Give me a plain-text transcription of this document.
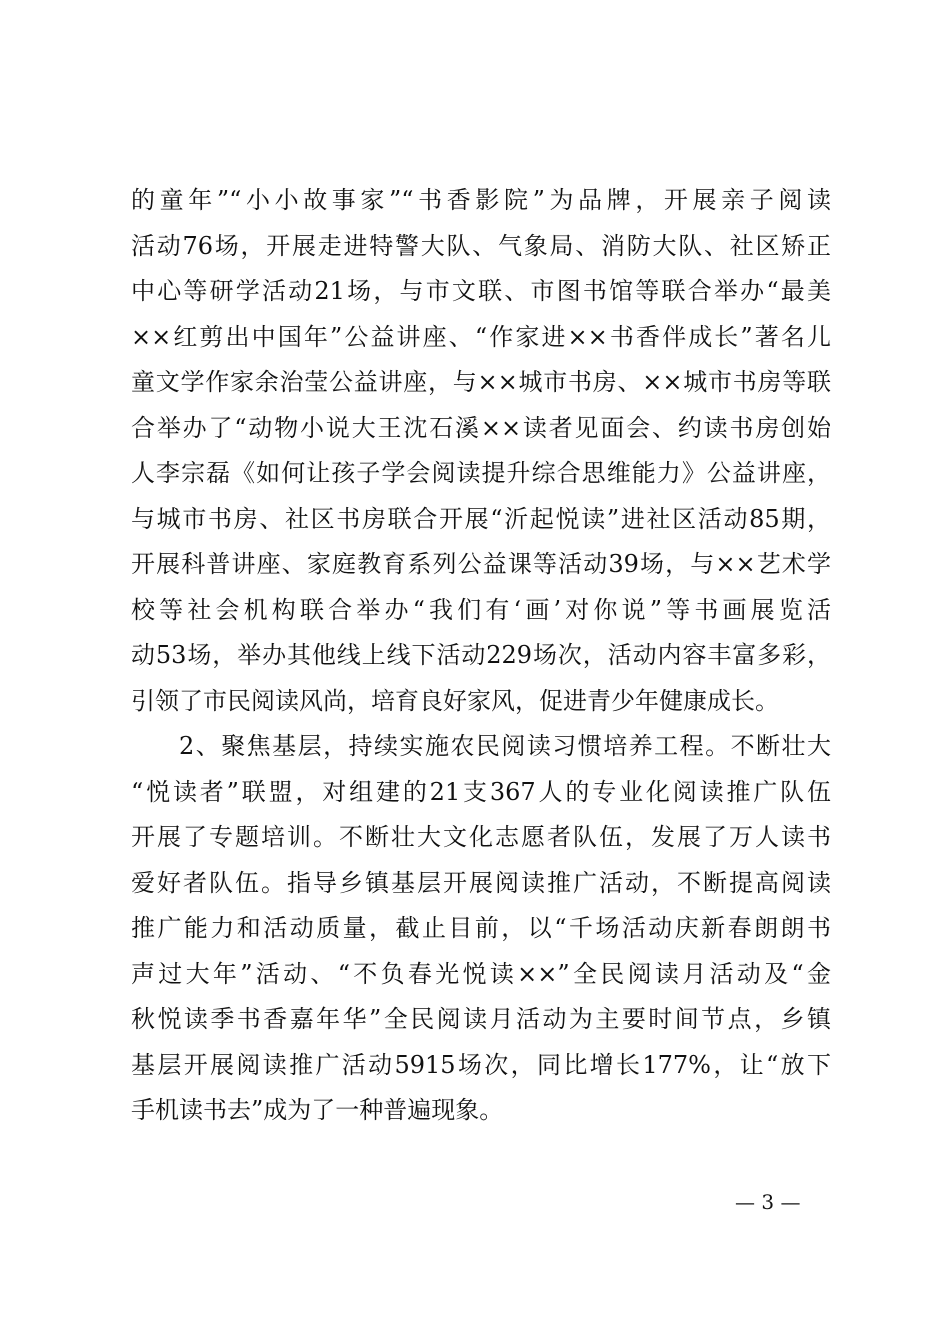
的童年”“小小故事家”“书香影院”为品牌，开展亲子阅读
活动76场，开展走进特警大队、气象局、消防大队、社区矫正
中心等研学活动21场，与市文联、市图书馆等联合举办“最美
××红剪出中国年”公益讲座、“作家进××书香伴成长”著名儿
童文学作家余治莹公益讲座，与××城市书房、××城市书房等联
合举办了“动物小说大王沈石溪××读者见面会、约读书房创始
人李宗磊《如何让孩子学会阅读提升综合思维能力》公益讲座，
与城市书房、社区书房联合开展“沂起悦读”进社区活动85期，
开展科普讲座、家庭教育系列公益课等活动39场，与××艺术学
校等社会机构联合举办“我们有‘画’对你说”等书画展览活
动53场，举办其他线上线下活动229场次，活动内容丰富多彩，
引领了市民阅读风尚，培育良好家风，促进青少年健康成长。
2、聚焦基层，持续实施农民阅读习惯培养工程。不断壮大
“悦读者”联盟，对组建的21支367人的专业化阅读推广队伍
开展了专题培训。不断壮大文化志愿者队伍，发展了万人读书
爱好者队伍。指导乡镇基层开展阅读推广活动，不断提高阅读
推广能力和活动质量，截止目前，以“千场活动庆新春朗朗书
声过大年”活动、“不负春光悦读××”全民阅读月活动及“金
秋悦读季书香嘉年华”全民阅读月活动为主要时间节点，乡镇
基层开展阅读推广活动5915场次，同比增长177%，让“放下
手机读书去”成为了一种普遍现象。
— 3 —
